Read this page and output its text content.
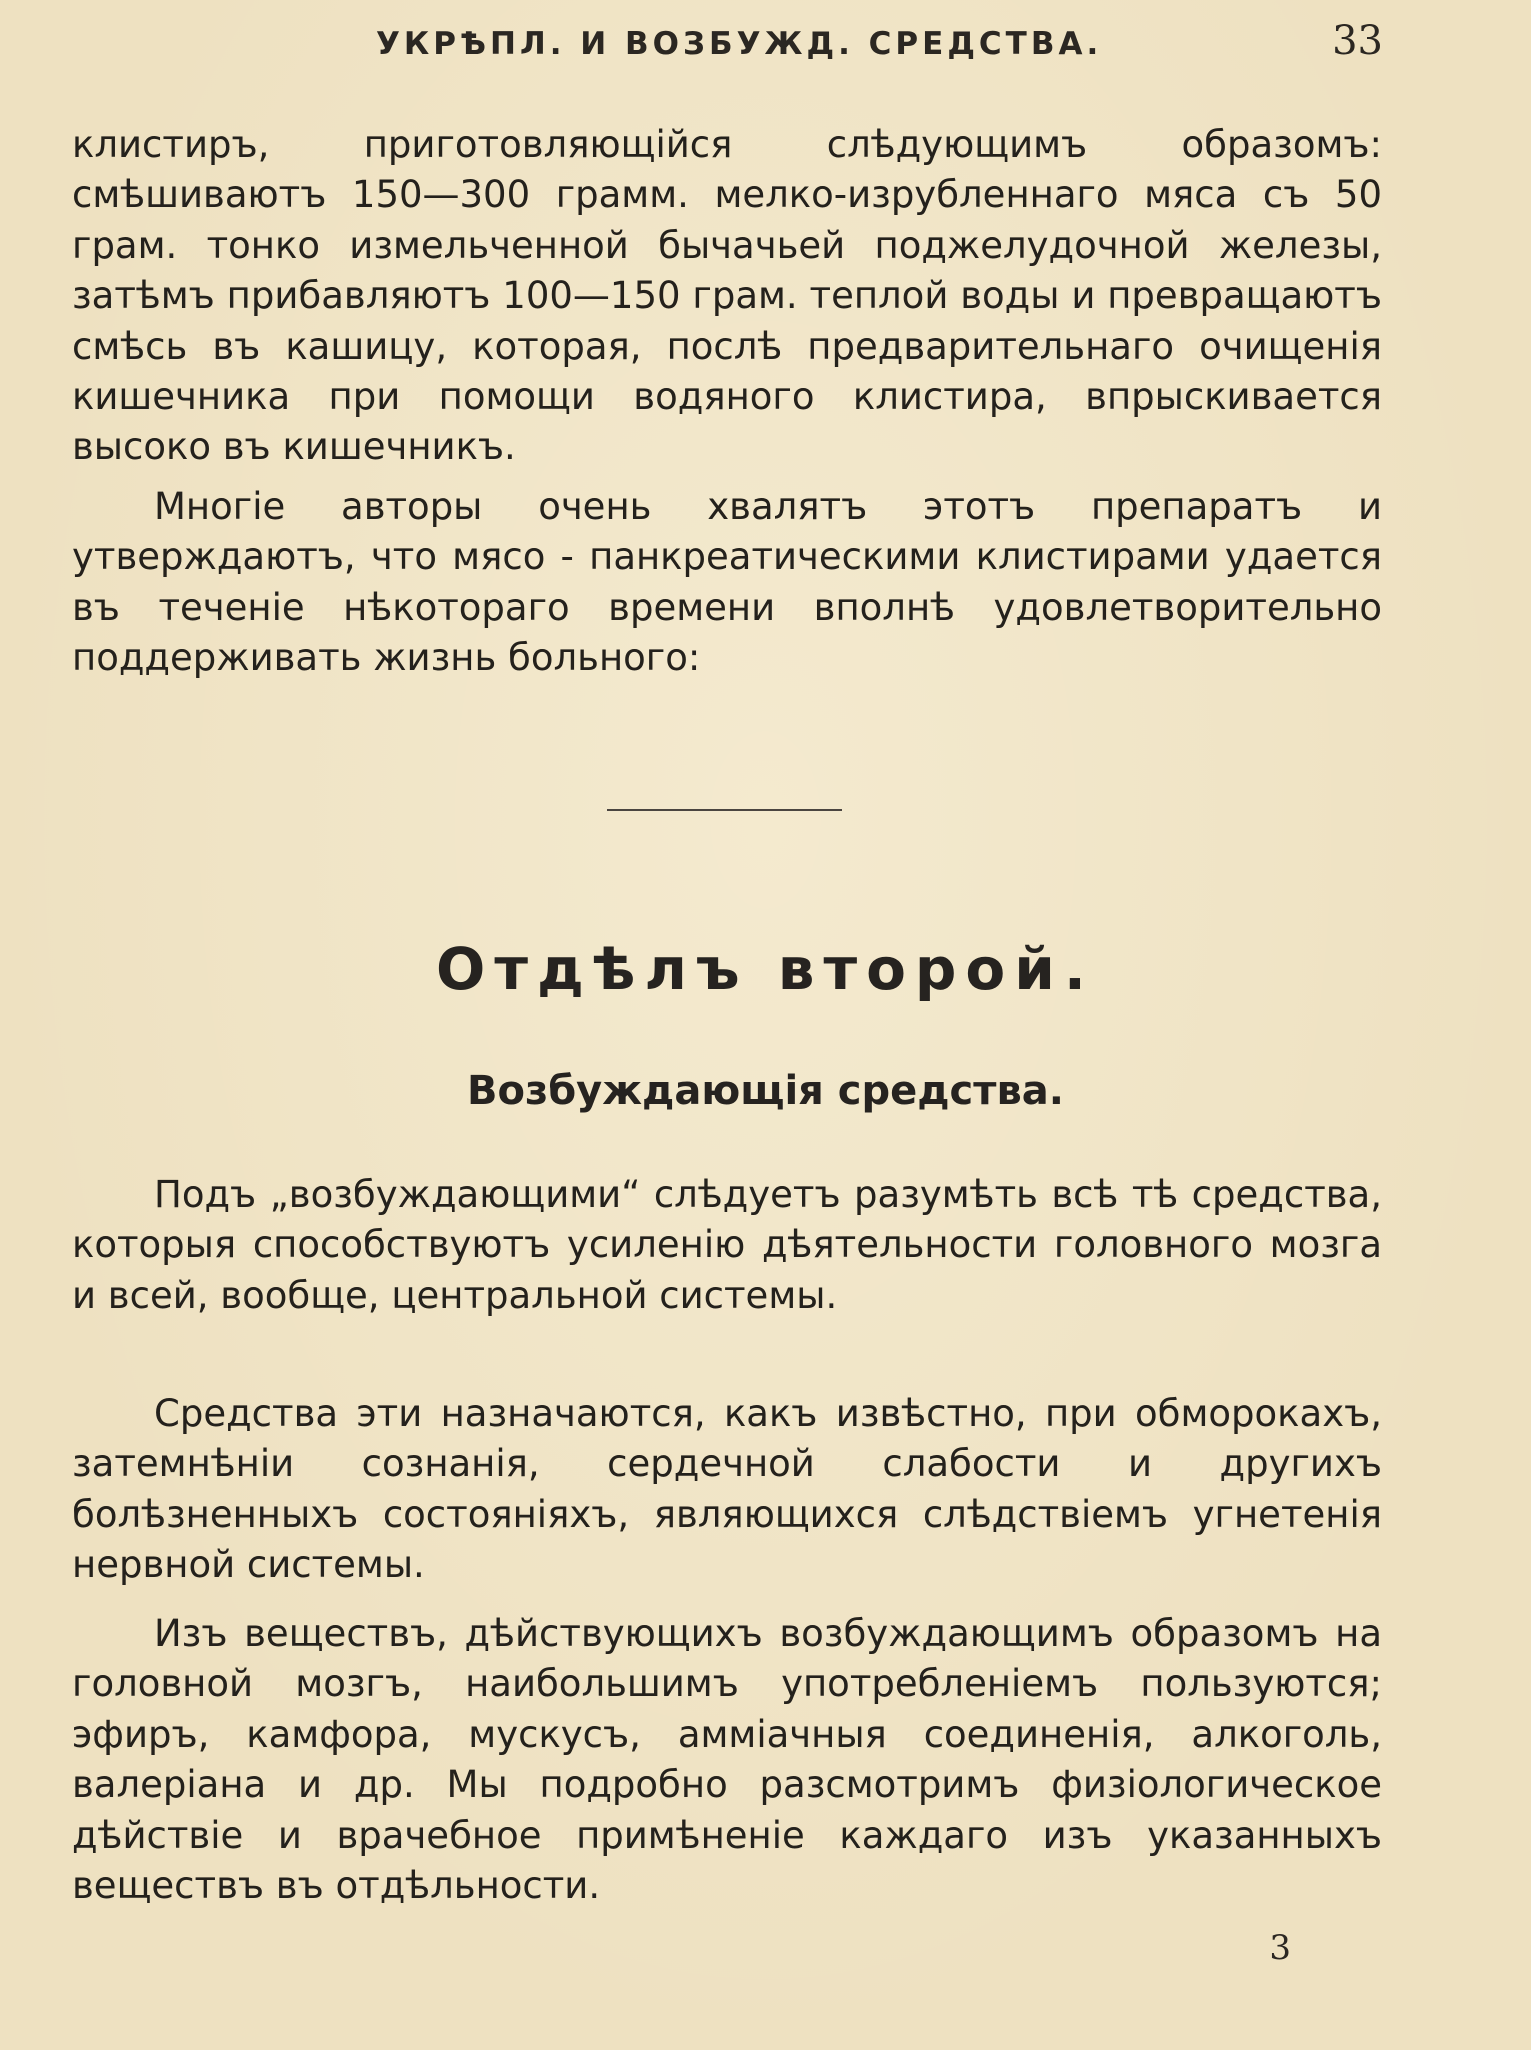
УКРѢПЛ. И ВОЗБУЖД. СРЕДСТВА.	33

клистиръ, приготовляющійся слѣдующимъ образомъ: смѣшиваютъ 150—300 грамм. мелко-изрубленнаго мяса съ 50 грам. тонко измельченной бычачьей поджелудочной железы, затѣмъ прибавляютъ 100—150 грам. теплой воды и превращаютъ смѣсь въ кашицу, которая, послѣ предварительнаго очищенія кишечника при помощи водяного клистира, впрыскивается высоко въ кишечникъ.

Многіе авторы очень хвалятъ этотъ препаратъ и утверждаютъ, что мясо - панкреатическими клистирами удается въ теченіе нѣкотораго времени вполнѣ удовлетворительно поддерживать жизнь больного:

Отдѣлъ второй.
Возбуждающія средства.

Подъ „возбуждающими“ слѣдуетъ разумѣть всѣ тѣ средства, которыя способствуютъ усиленію дѣятельности головного мозга и всей, вообще, центральной системы.

Средства эти назначаются, какъ извѣстно, при обморокахъ, затемнѣніи сознанія, сердечной слабости и другихъ болѣзненныхъ состояніяхъ, являющихся слѣдствіемъ угнетенія нервной системы.

Изъ веществъ, дѣйствующихъ возбуждающимъ образомъ на головной мозгъ, наибольшимъ употребленіемъ пользуются; эфиръ, камфора, мускусъ, амміачныя соединенія, алкоголь, валеріана и др. Мы подробно разсмотримъ физіологическое дѣйствіе и врачебное примѣненіе каждаго изъ указанныхъ веществъ въ отдѣльности.

3
